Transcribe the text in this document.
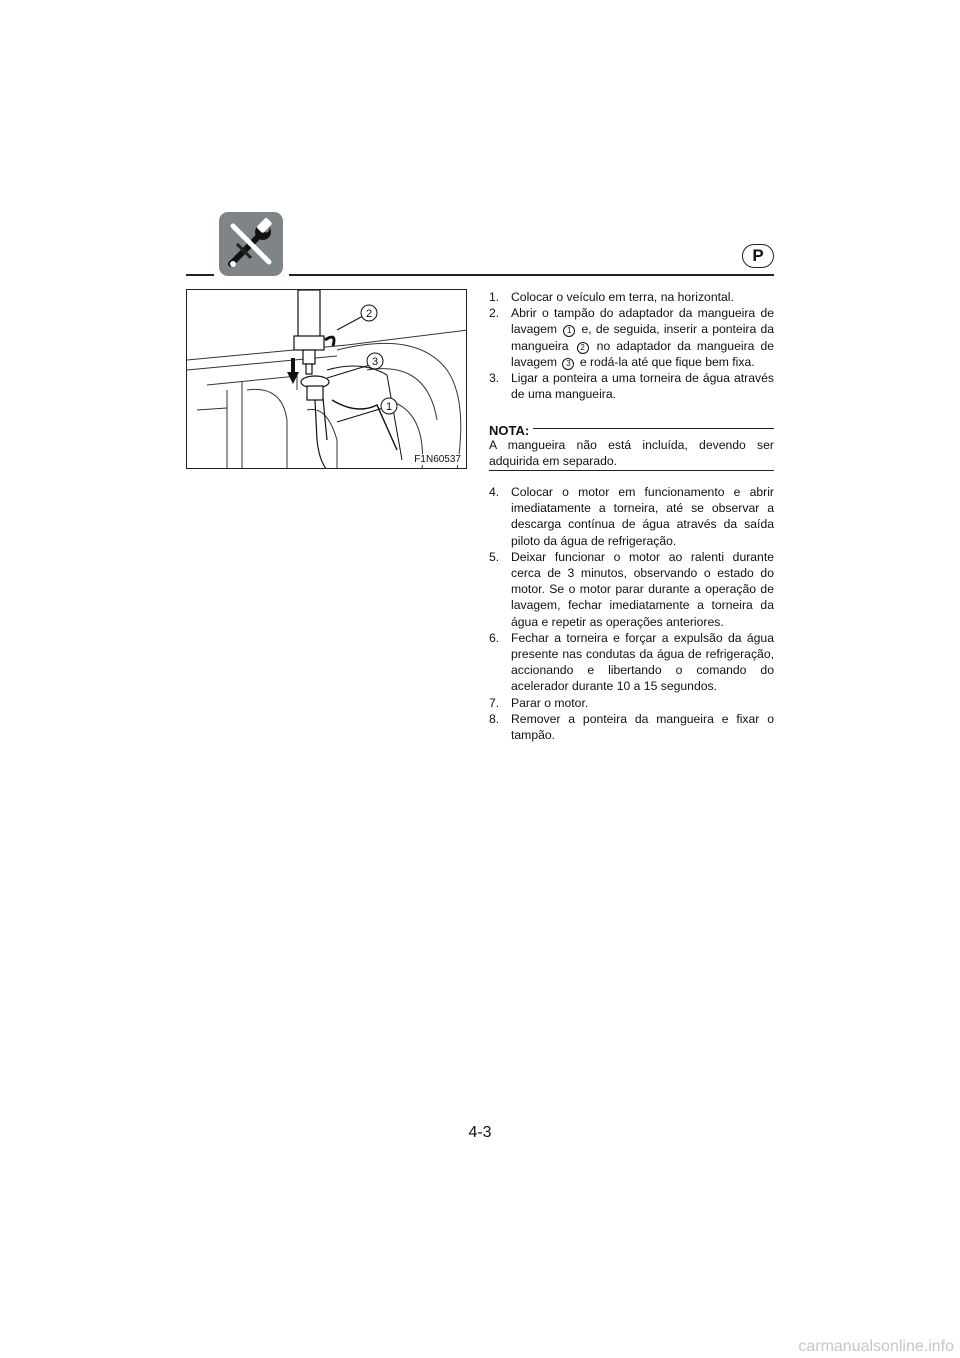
P
2
3
1
F1N60537

1. Colocar o veículo em terra, na horizontal.

2. Abrir o tampão do adaptador da mangueira de lavagem 1 e, de seguida, inserir a ponteira da mangueira 2 no adaptador da mangueira de lavagem 3 e rodá-la até que fique bem fixa.

3. Ligar a ponteira a uma torneira de água através de uma mangueira.

NOTA:
A mangueira não está incluída, devendo ser adquirida em separado.

4. Colocar o motor em funcionamento e abrir imediatamente a torneira, até se observar a descarga contínua de água através da saída piloto da água de refrigeração.

5. Deixar funcionar o motor ao ralenti durante cerca de 3 minutos, observando o estado do motor. Se o motor parar durante a operação de lavagem, fechar imediatamente a torneira da água e repetir as operações anteriores.

6. Fechar a torneira e forçar a expulsão da água presente nas condutas da água de refrigeração, accionando e libertando o comando do acelerador durante 10 a 15 segundos.

7. Parar o motor.

8. Remover a ponteira da mangueira e fixar o tampão.

4-3
carmanualsonline.info
